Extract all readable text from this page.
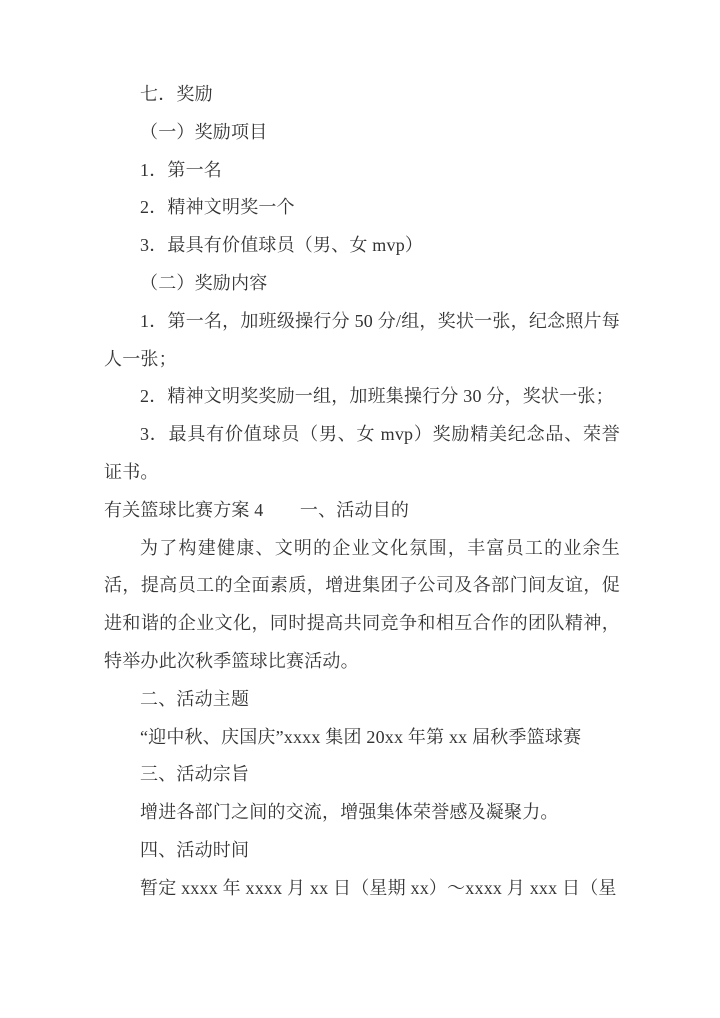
七．奖励

（一）奖励项目

1．第一名

2．精神文明奖一个

3．最具有价值球员（男、女 mvp）

（二）奖励内容

1．第一名，加班级操行分 50 分/组，奖状一张，纪念照片每人一张；

2．精神文明奖奖励一组，加班集操行分 30 分，奖状一张；

3．最具有价值球员（男、女 mvp）奖励精美纪念品、荣誉证书。

有关篮球比赛方案 4　　一、活动目的

为了构建健康、文明的企业文化氛围，丰富员工的业余生活，提高员工的全面素质，增进集团子公司及各部门间友谊，促进和谐的企业文化，同时提高共同竞争和相互合作的团队精神，特举办此次秋季篮球比赛活动。

二、活动主题

“迎中秋、庆国庆”xxxx 集团 20xx 年第 xx 届秋季篮球赛

三、活动宗旨

增进各部门之间的交流，增强集体荣誉感及凝聚力。

四、活动时间

暂定 xxxx 年 xxxx 月 xx 日（星期 xx）～xxxx 月 xxx 日（星
